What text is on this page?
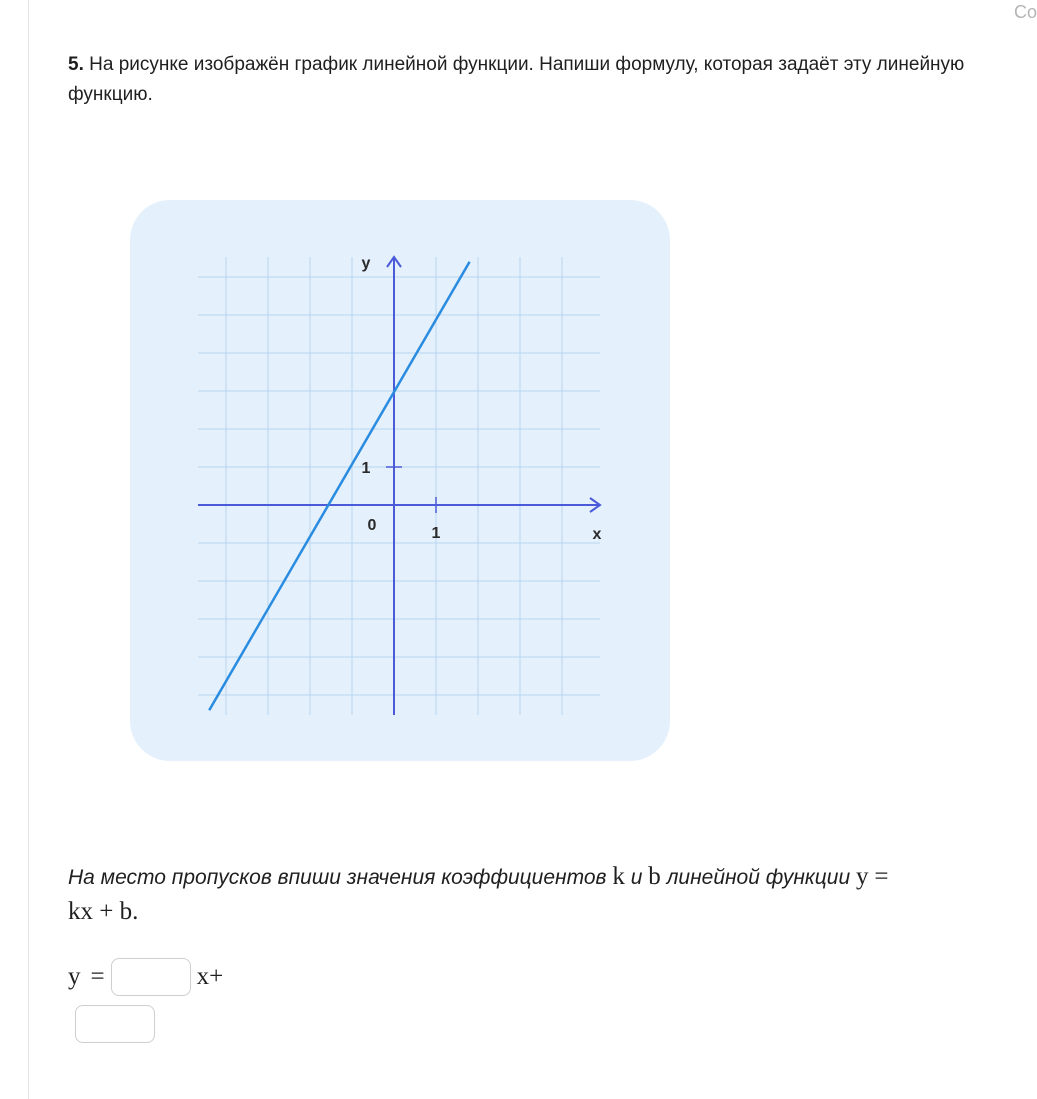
Co
5. На рисунке изображён график линейной функции. Напиши формулу, которая задаёт эту линейную функцию.
1
1
0
x
y
На место пропусков впиши значения коэффициентов k и b линейной функции y =
kx + b.
y =	x+
